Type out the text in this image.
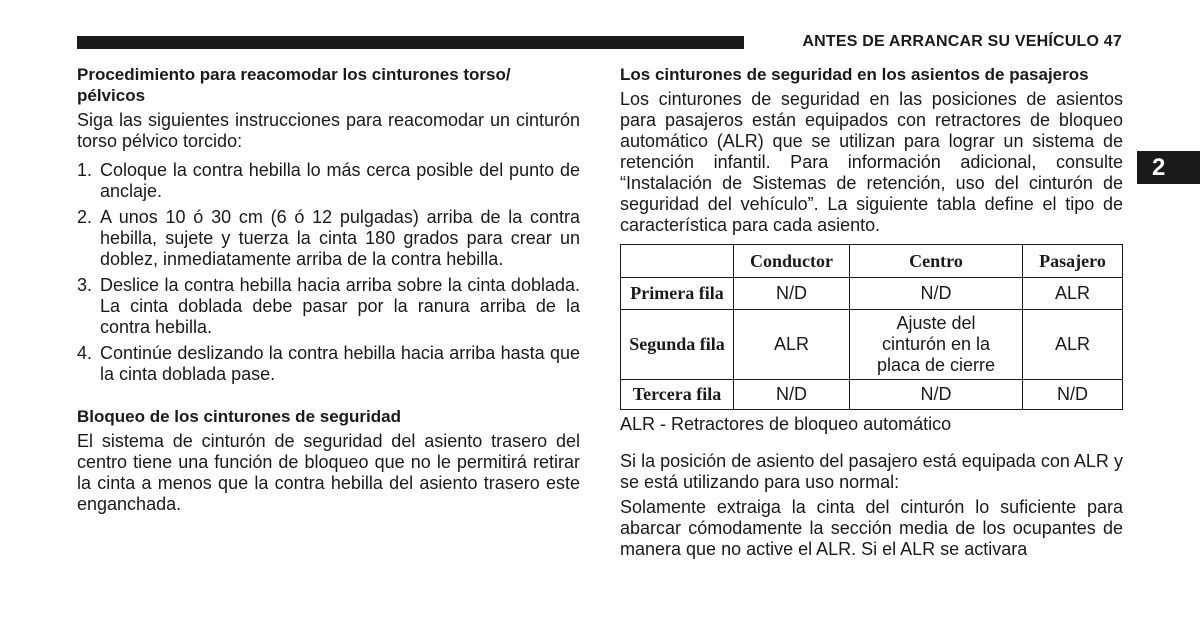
ANTES DE ARRANCAR SU VEHÍCULO 47
2

Procedimiento para reacomodar los cinturones torso/ pélvicos

Siga las siguientes instrucciones para reacomodar un cinturón torso pélvico torcido:

1. Coloque la contra hebilla lo más cerca posible del punto de anclaje.
2. A unos 10 ó 30 cm (6 ó 12 pulgadas) arriba de la contra hebilla, sujete y tuerza la cinta 180 grados para crear un doblez, inmediatamente arriba de la contra hebilla.
3. Deslice la contra hebilla hacia arriba sobre la cinta doblada. La cinta doblada debe pasar por la ranura arriba de la contra hebilla.
4. Continúe deslizando la contra hebilla hacia arriba hasta que la cinta doblada pase.

Bloqueo de los cinturones de seguridad

El sistema de cinturón de seguridad del asiento trasero del centro tiene una función de bloqueo que no le permitirá retirar la cinta a menos que la contra hebilla del asiento trasero este enganchada.

Los cinturones de seguridad en los asientos de pasajeros

Los cinturones de seguridad en las posiciones de asientos para pasajeros están equipados con retractores de bloqueo automático (ALR) que se utilizan para lograr un sistema de retención infantil. Para información adicional, consulte “Instalación de Sistemas de retención, uso del cinturón de seguridad del vehículo”. La siguiente tabla define el tipo de característica para cada asiento.

	Conductor	Centro	Pasajero
Primera fila	N/D	N/D	ALR
Segunda fila	ALR	Ajuste del cinturón en la placa de cierre	ALR
Tercera fila	N/D	N/D	N/D

ALR - Retractores de bloqueo automático

Si la posición de asiento del pasajero está equipada con ALR y se está utilizando para uso normal:

Solamente extraiga la cinta del cinturón lo suficiente para abarcar cómodamente la sección media de los ocupantes de manera que no active el ALR. Si el ALR se activara
